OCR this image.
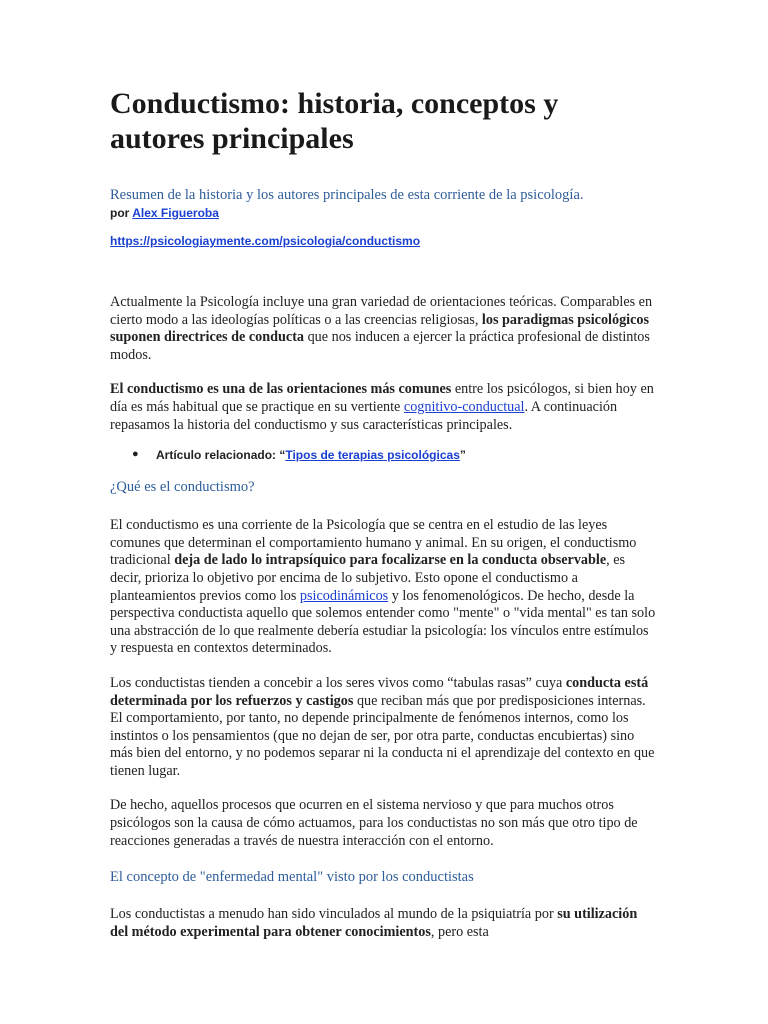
Conductismo: historia, conceptos y autores principales
Resumen de la historia y los autores principales de esta corriente de la psicología.
por Alex Figueroba
https://psicologiaymente.com/psicologia/conductismo

Actualmente la Psicología incluye una gran variedad de orientaciones teóricas. Comparables en cierto modo a las ideologías políticas o a las creencias religiosas, los paradigmas psicológicos suponen directrices de conducta que nos inducen a ejercer la práctica profesional de distintos modos.

El conductismo es una de las orientaciones más comunes entre los psicólogos, si bien hoy en día es más habitual que se practique en su vertiente cognitivo-conductual. A continuación repasamos la historia del conductismo y sus características principales.

● Artículo relacionado: “Tipos de terapias psicológicas”
¿Qué es el conductismo?

El conductismo es una corriente de la Psicología que se centra en el estudio de las leyes comunes que determinan el comportamiento humano y animal. En su origen, el conductismo tradicional deja de lado lo intrapsíquico para focalizarse en la conducta observable, es decir, prioriza lo objetivo por encima de lo subjetivo. Esto opone el conductismo a planteamientos previos como los psicodinámicos y los fenomenológicos. De hecho, desde la perspectiva conductista aquello que solemos entender como "mente" o "vida mental" es tan solo una abstracción de lo que realmente debería estudiar la psicología: los vínculos entre estímulos y respuesta en contextos determinados.

Los conductistas tienden a concebir a los seres vivos como “tabulas rasas” cuya conducta está determinada por los refuerzos y castigos que reciban más que por predisposiciones internas. El comportamiento, por tanto, no depende principalmente de fenómenos internos, como los instintos o los pensamientos (que no dejan de ser, por otra parte, conductas encubiertas) sino más bien del entorno, y no podemos separar ni la conducta ni el aprendizaje del contexto en que tienen lugar.

De hecho, aquellos procesos que ocurren en el sistema nervioso y que para muchos otros psicólogos son la causa de cómo actuamos, para los conductistas no son más que otro tipo de reacciones generadas a través de nuestra interacción con el entorno.

El concepto de "enfermedad mental" visto por los conductistas

Los conductistas a menudo han sido vinculados al mundo de la psiquiatría por su utilización del método experimental para obtener conocimientos, pero esta
